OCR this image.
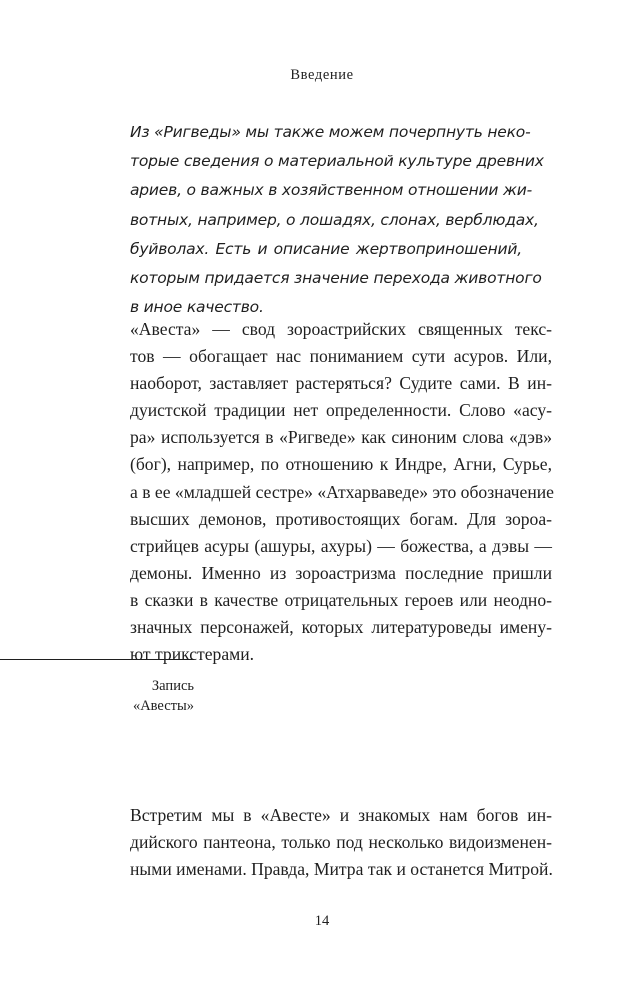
Введение
Из «Ригведы» мы также можем почерпнуть неко-
торые сведения о материальной культуре древних
ариев, о важных в хозяйственном отношении жи-
вотных, например, о лошадях, слонах, верблюдах,
буйволах. Есть и описание жертвоприношений,
которым придается значение перехода животного
в иное качество.
«Авеста» — свод зороастрийских священных текс-
тов — обогащает нас пониманием сути асуров. Или,
наоборот, заставляет растеряться? Судите сами. В ин-
дуистской традиции нет определенности. Слово «асу-
ра» используется в «Ригведе» как синоним слова «дэв»
(бог), например, по отношению к Индре, Агни, Сурье,
а в ее «младшей сестре» «Атхарваведе» это обозначение
высших демонов, противостоящих богам. Для зороа-
стрийцев асуры (ашуры, ахуры) — божества, а дэвы —
демоны. Именно из зороастризма последние пришли
в сказки в качестве отрицательных героев или неодно-
значных персонажей, которых литературоведы имену-
ют трикстерами.
Запись
«Авесты»
Встретим мы в «Авесте» и знакомых нам богов ин-
дийского пантеона, только под несколько видоизменен-
ными именами. Правда, Митра так и останется Митрой.
14
